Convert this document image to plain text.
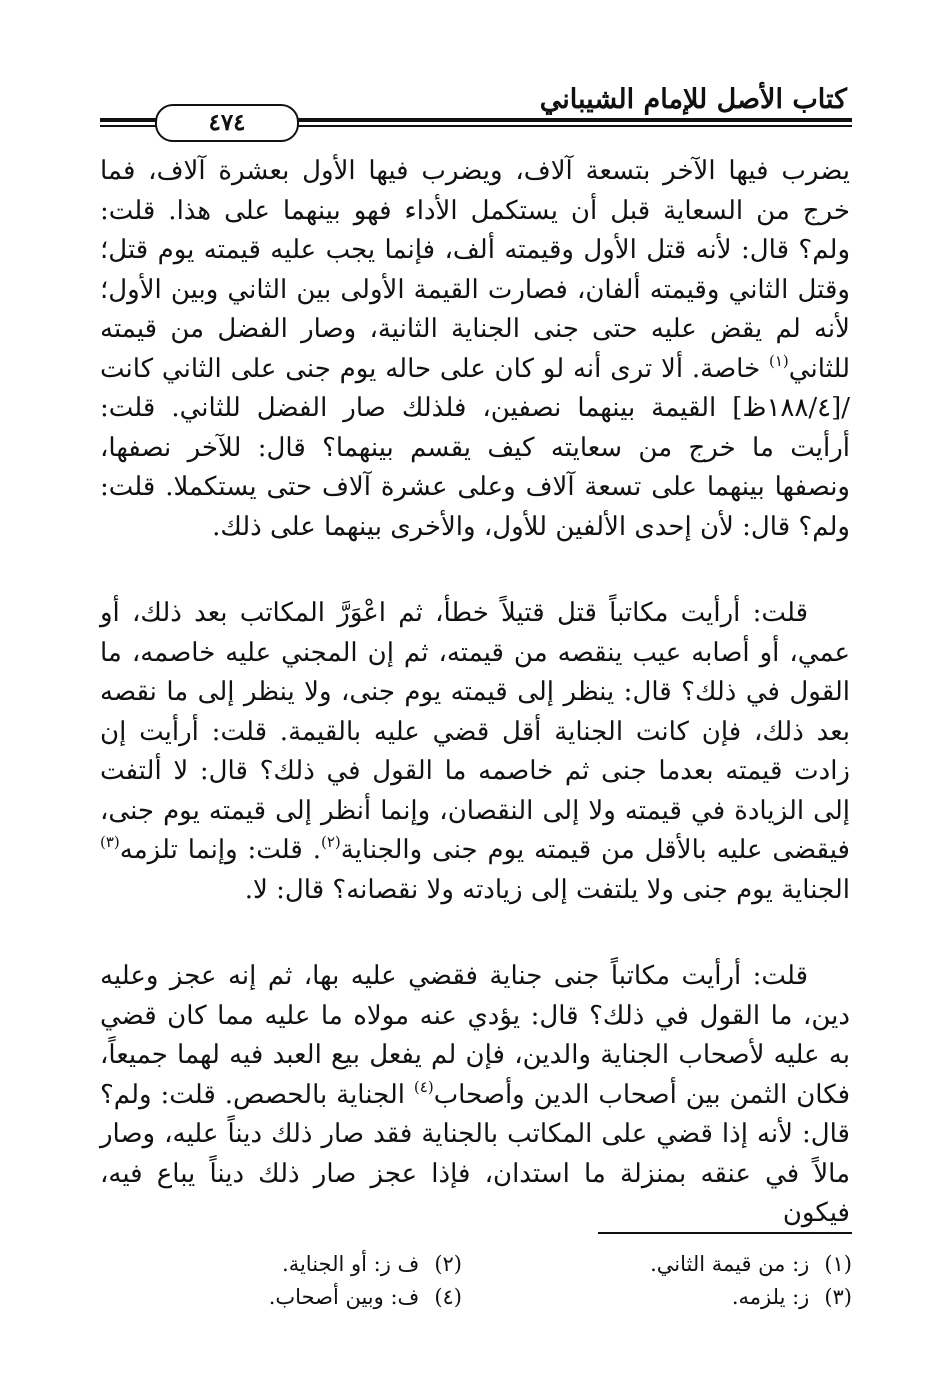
كتاب الأصل للإمام الشيباني
٤٧٤

يضرب فيها الآخر بتسعة آلاف، ويضرب فيها الأول بعشرة آلاف، فما خرج من السعاية قبل أن يستكمل الأداء فهو بينهما على هذا. قلت: ولم؟ قال: لأنه قتل الأول وقيمته ألف، فإنما يجب عليه قيمته يوم قتل؛ وقتل الثاني وقيمته ألفان، فصارت القيمة الأولى بين الثاني وبين الأول؛ لأنه لم يقض عليه حتى جنى الجناية الثانية، وصار الفضل من قيمته للثاني$^{(١)}$ خاصة. ألا ترى أنه لو كان على حاله يوم جنى على الثاني كانت /[١٨٨/٤ظ] القيمة بينهما نصفين، فلذلك صار الفضل للثاني. قلت: أرأيت ما خرج من سعايته كيف يقسم بينهما؟ قال: للآخر نصفها، ونصفها بينهما على تسعة آلاف وعلى عشرة آلاف حتى يستكملا. قلت: ولم؟ قال: لأن إحدى الألفين للأول، والأخرى بينهما على ذلك.

قلت: أرأيت مكاتباً قتل قتيلاً خطأ، ثم اعْوَرَّ المكاتب بعد ذلك، أو عمي، أو أصابه عيب ينقصه من قيمته، ثم إن المجني عليه خاصمه، ما القول في ذلك؟ قال: ينظر إلى قيمته يوم جنى، ولا ينظر إلى ما نقصه بعد ذلك، فإن كانت الجناية أقل قضي عليه بالقيمة. قلت: أرأيت إن زادت قيمته بعدما جنى ثم خاصمه ما القول في ذلك؟ قال: لا ألتفت إلى الزيادة في قيمته ولا إلى النقصان، وإنما أنظر إلى قيمته يوم جنى، فيقضى عليه بالأقل من قيمته يوم جنى والجناية$^{(٢)}$. قلت: وإنما تلزمه$^{(٣)}$ الجناية يوم جنى ولا يلتفت إلى زيادته ولا نقصانه؟ قال: لا.

قلت: أرأيت مكاتباً جنى جناية فقضي عليه بها، ثم إنه عجز وعليه دين، ما القول في ذلك؟ قال: يؤدي عنه مولاه ما عليه مما كان قضي به عليه لأصحاب الجناية والدين، فإن لم يفعل بيع العبد فيه لهما جميعاً، فكان الثمن بين أصحاب الدين وأصحاب$^{(٤)}$ الجناية بالحصص. قلت: ولم؟ قال: لأنه إذا قضي على المكاتب بالجناية فقد صار ذلك ديناً عليه، وصار مالاً في عنقه بمنزلة ما استدان، فإذا عجز صار ذلك ديناً يباع فيه، فيكون

(١) ز: من قيمة الثاني.
(٢) ف ز: أو الجناية.
(٣) ز: يلزمه.
(٤) ف: وبين أصحاب.
